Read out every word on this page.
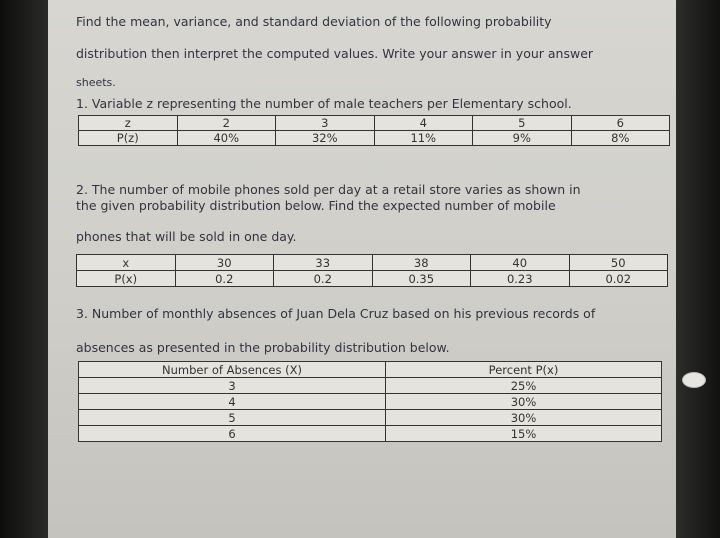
Find the mean, variance, and standard deviation of the following probability
distribution then interpret the computed values. Write your answer in your answer
sheets.
1. Variable z representing the number of male teachers per Elementary school.
z	2	3	4	5	6
P(z)	40%	32%	11%	9%	8%
2. The number of mobile phones sold per day at a retail store varies as shown in
the given probability distribution below. Find the expected number of mobile
phones that will be sold in one day.
x	30	33	38	40	50
P(x)	0.2	0.2	0.35	0.23	0.02
3. Number of monthly absences of Juan Dela Cruz based on his previous records of
absences as presented in the probability distribution below.
Number of Absences (X)	Percent P(x)
3	25%
4	30%
5	30%
6	15%
